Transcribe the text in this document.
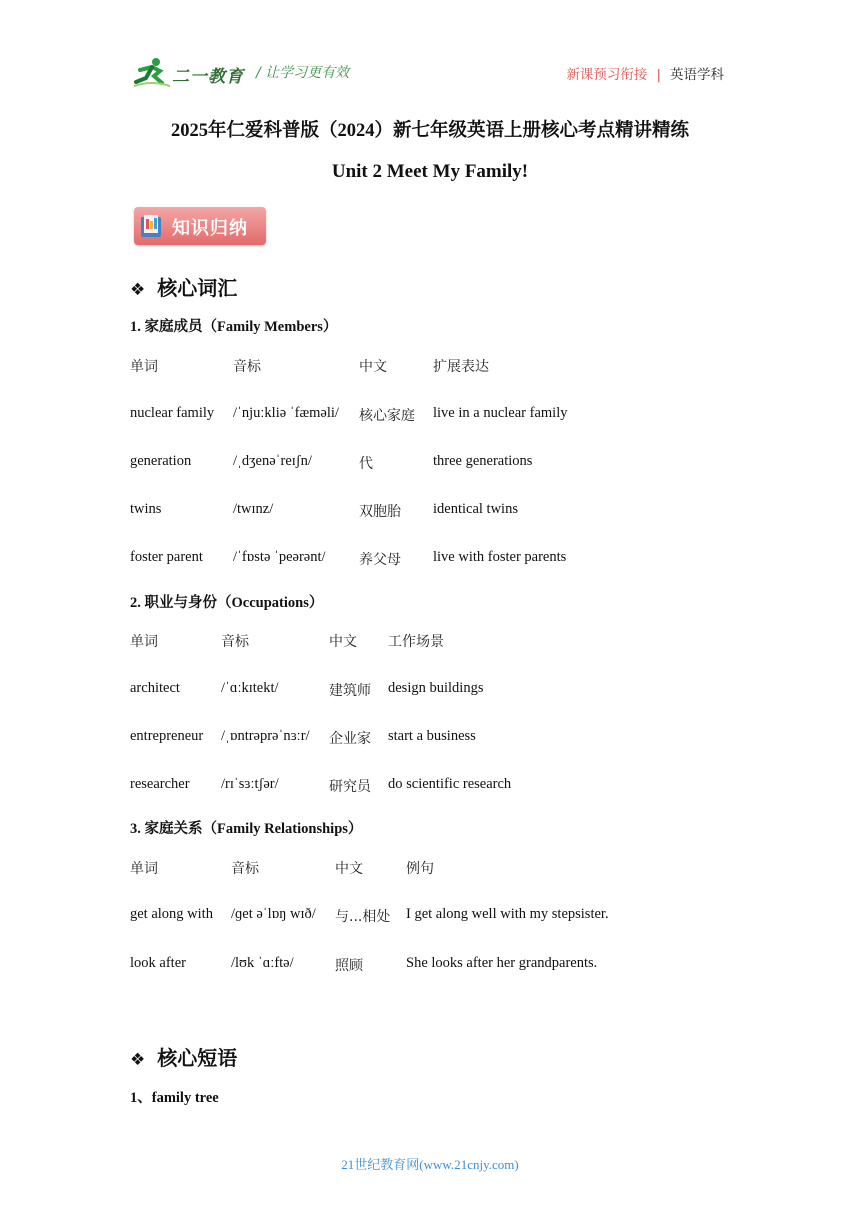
二一教育 / 让学习更有效	新课预习衔接 | 英语学科
2025年仁爱科普版（2024）新七年级英语上册核心考点精讲精练
Unit 2 Meet My Family!
知识归纳
❖ 核心词汇
1. 家庭成员（Family Members）
单词	音标	中文	扩展表达
nuclear family /ˈnjuːkliə ˈfæməli/ 核心家庭 live in a nuclear family
generation	/ˌdʒenəˈreɪʃn/	代	three generations
twins	/twɪnz/	双胞胎 identical twins
foster parent /ˈfɒstə ˈpeərənt/ 养父母 live with foster parents
2. 职业与身份（Occupations）
单词	音标	中文 工作场景
architect	/ˈɑːkɪtekt/	建筑师 design buildings
entrepreneur /ˌɒntrəprəˈnɜːr/ 企业家 start a business
researcher /rɪˈsɜːtʃər/	研究员 do scientific research
3. 家庭关系（Family Relationships）
单词	音标	中文	例句
get along with /ɡet əˈlɒŋ wɪð/ 与...相处 I get along well with my stepsister.
look after	/lʊk ˈɑːftə/	照顾	She looks after her grandparents.
❖ 核心短语
1、family tree
21世纪教育网(www.21cnjy.com)
